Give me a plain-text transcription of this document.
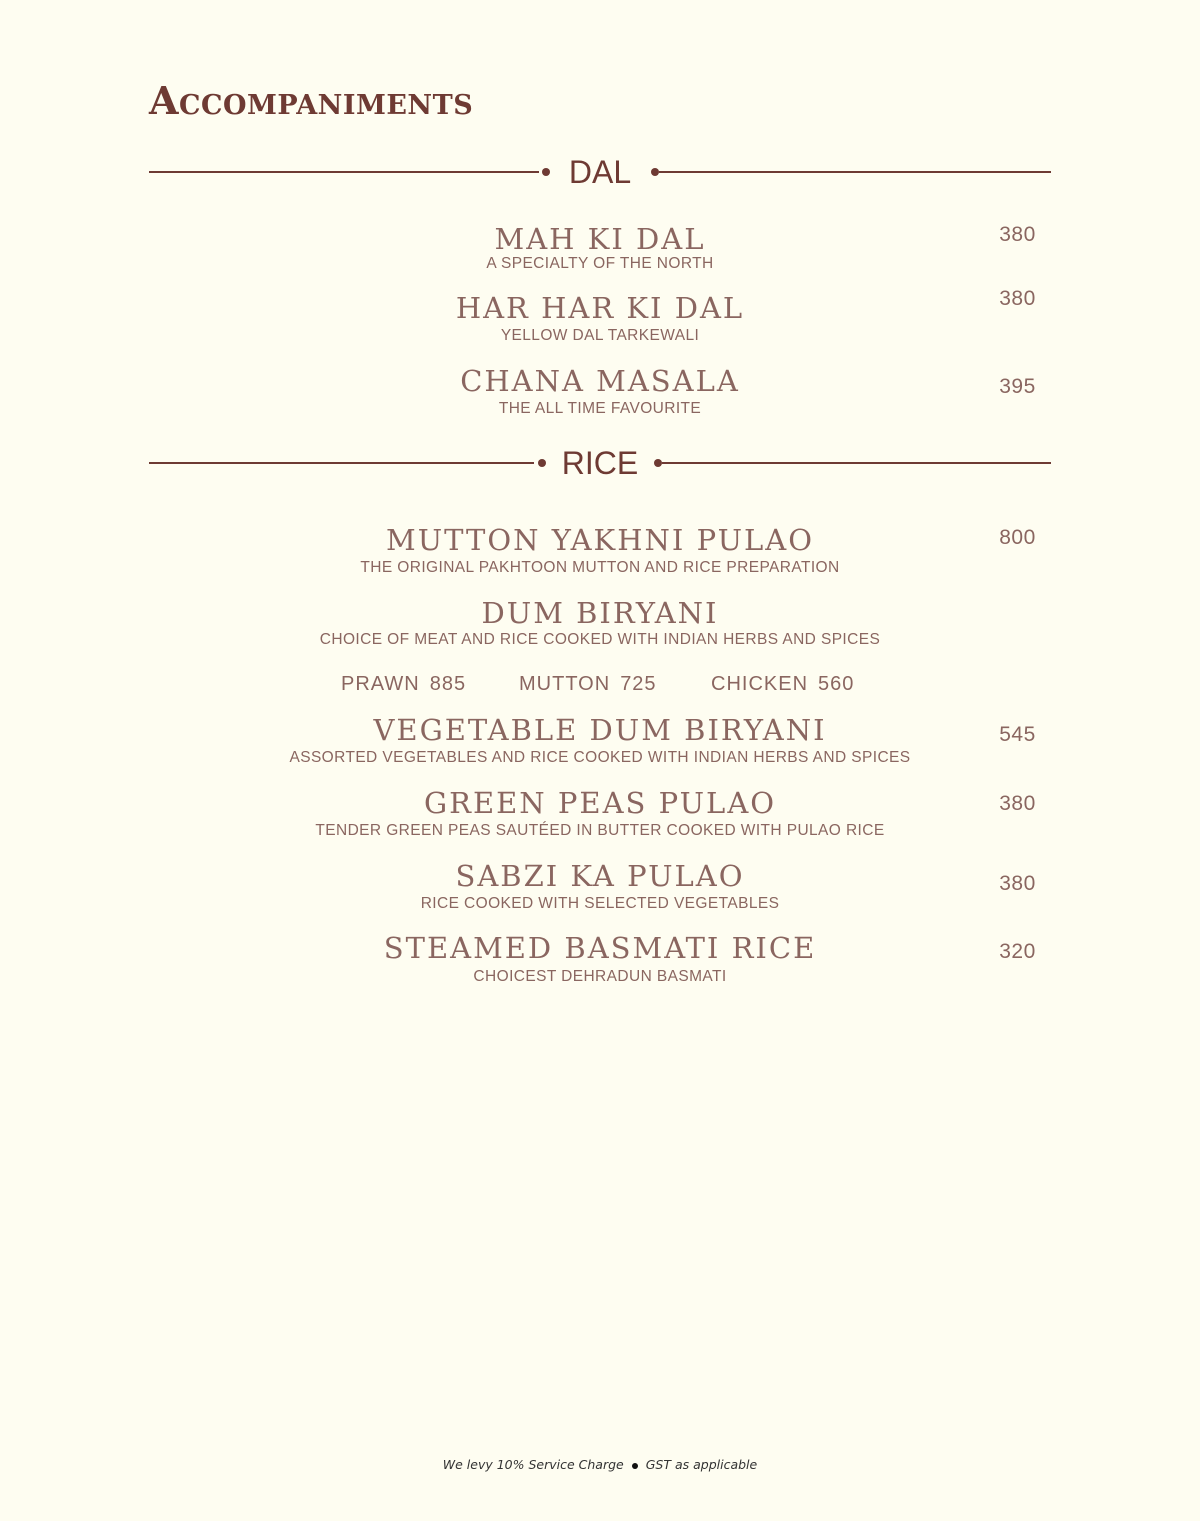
Accompaniments
DAL
MAH KI DAL
A SPECIALTY OF THE NORTH
380
HAR HAR KI DAL
YELLOW DAL TARKEWALI
380
CHANA MASALA
THE ALL TIME FAVOURITE
395
RICE
MUTTON YAKHNI PULAO
THE ORIGINAL PAKHTOON MUTTON AND RICE PREPARATION
800
DUM BIRYANI
CHOICE OF MEAT AND RICE COOKED WITH INDIAN HERBS AND SPICES
PRAWN 885	MUTTON 725	CHICKEN 560
VEGETABLE DUM BIRYANI
ASSORTED VEGETABLES AND RICE COOKED WITH INDIAN HERBS AND SPICES
545
GREEN PEAS PULAO
TENDER GREEN PEAS SAUTÉED IN BUTTER COOKED WITH PULAO RICE
380
SABZI KA PULAO
RICE COOKED WITH SELECTED VEGETABLES
380
STEAMED BASMATI RICE
CHOICEST DEHRADUN BASMATI
320
We levy 10% Service Charge GST as applicable
